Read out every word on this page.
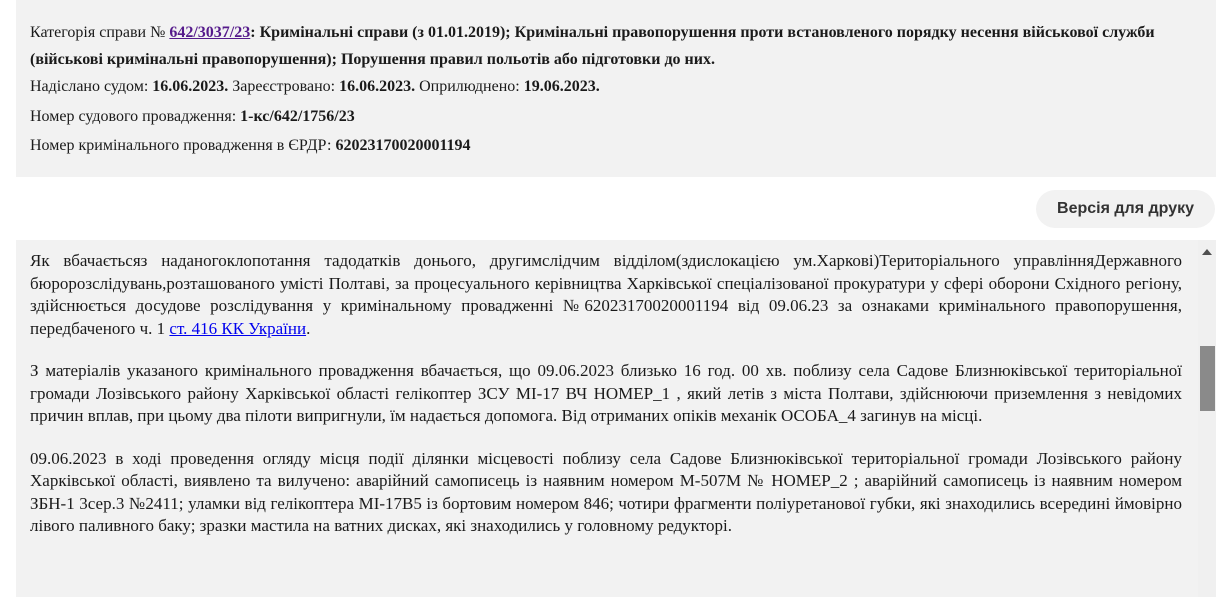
Категорія справи № 642/3037/23: Кримінальні справи (з 01.01.2019); Кримінальні правопорушення проти встановленого порядку несення військової служби (військові кримінальні правопорушення); Порушення правил польотів або підготовки до них.
Надіслано судом: 16.06.2023. Зареєстровано: 16.06.2023. Оприлюднено: 19.06.2023.
Номер судового провадження: 1-кс/642/1756/23
Номер кримінального провадження в ЄРДР: 62023170020001194
Версія для друку

Як вбачаєтьсяз наданогоклопотання тадодатків донього, другимслідчим відділом(здислокацією ум.Харкові)Територіального управлінняДержавного бюророзслідувань,розташованого умісті Полтаві, за процесуального керівництва Харківської спеціалізованої прокуратури у сфері оборони Східного регіону, здійснюється досудове розслідування у кримінальному провадженні №62023170020001194 від 09.06.23 за ознаками кримінального правопорушення, передбаченого ч. 1 ст. 416 КК України.

З матеріалів указаного кримінального провадження вбачається, що 09.06.2023 близько 16 год. 00 хв. поблизу села Садове Близнюківської територіальної громади Лозівського району Харківської області гелікоптер ЗСУ МІ-17 ВЧ НОМЕР_1 , який летів з міста Полтави, здійснюючи приземлення з невідомих причин вплав, при цьому два пілоти випригнули, їм надається допомога. Від отриманих опіків механік ОСОБА_4 загинув на місці.

09.06.2023 в ході проведення огляду місця події ділянки місцевості поблизу села Садове Близнюківської територіальної громади Лозівського району Харківської області, виявлено та вилучено: аварійний самописець із наявним номером М-507М № НОМЕР_2 ; аварійний самописець із наявним номером ЗБН-1 3сер.3 №2411; уламки від гелікоптера МІ-17В5 із бортовим номером 846; чотири фрагменти поліуретанової губки, які знаходились всередині ймовірно лівого паливного баку; зразки мастила на ватних дисках, які знаходились у головному редукторі.
